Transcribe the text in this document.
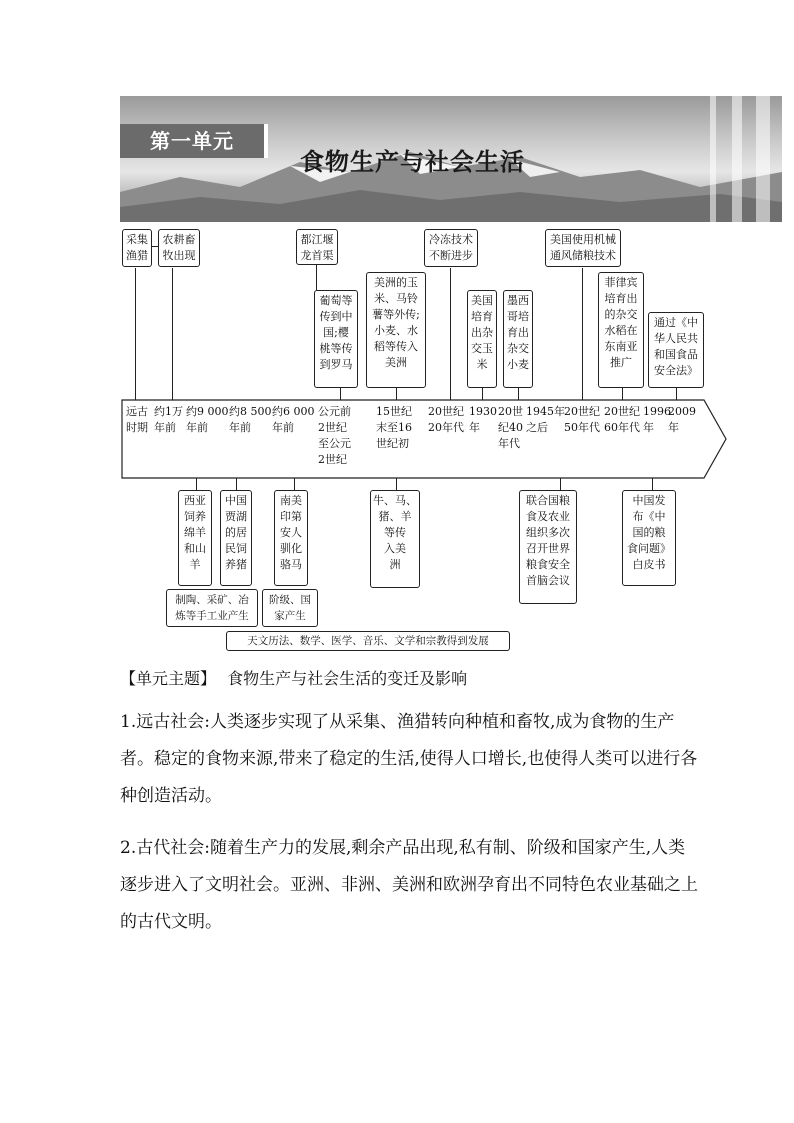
第一单元
食物生产与社会生活
采集
渔猎
农耕畜
牧出现
都江堰
龙首渠
冷冻技术
不断进步
美国使用机械
通风储粮技术
葡萄等
传到中
国;樱
桃等传
到罗马
美洲的玉
米、马铃
薯等外传;
小麦、水
稻等传入
美洲
美国
培育
出杂
交玉
米
墨西
哥培
育出
杂交
小麦
菲律宾
培育出
的杂交
水稻在
东南亚
推广
通过《中
华人民共
和国食品
安全法》
远古
时期
约1万
年前
约9 000
年前
约8 500
年前
约6 000
年前
公元前
2世纪
至公元
2世纪
15世纪
末至16
世纪初
20世纪
20年代
1930
年
20世
纪40
年代
1945年
之后
20世纪
50年代
20世纪
60年代
1996
年
2009
年
西亚
饲养
绵羊
和山
羊
中国
贾湖
的居
民饲
养猪
南美
印第
安人
驯化
骆马
牛、马、
猪、羊
等传
入美
洲
联合国粮
食及农业
组织多次
召开世界
粮食安全
首脑会议
中国发
布《中
国的粮
食问题》
白皮书
制陶、采矿、冶
炼等手工业产生
阶级、国
家产生
天文历法、数学、医学、音乐、文学和宗教得到发展
【单元主题】 食物生产与社会生活的变迁及影响
1.远古社会:人类逐步实现了从采集、渔猎转向种植和畜牧,成为食物的生产者。稳定的食物来源,带来了稳定的生活,使得人口增长,也使得人类可以进行各种创造活动。
2.古代社会:随着生产力的发展,剩余产品出现,私有制、阶级和国家产生,人类逐步进入了文明社会。亚洲、非洲、美洲和欧洲孕育出不同特色农业基础之上的古代文明。
